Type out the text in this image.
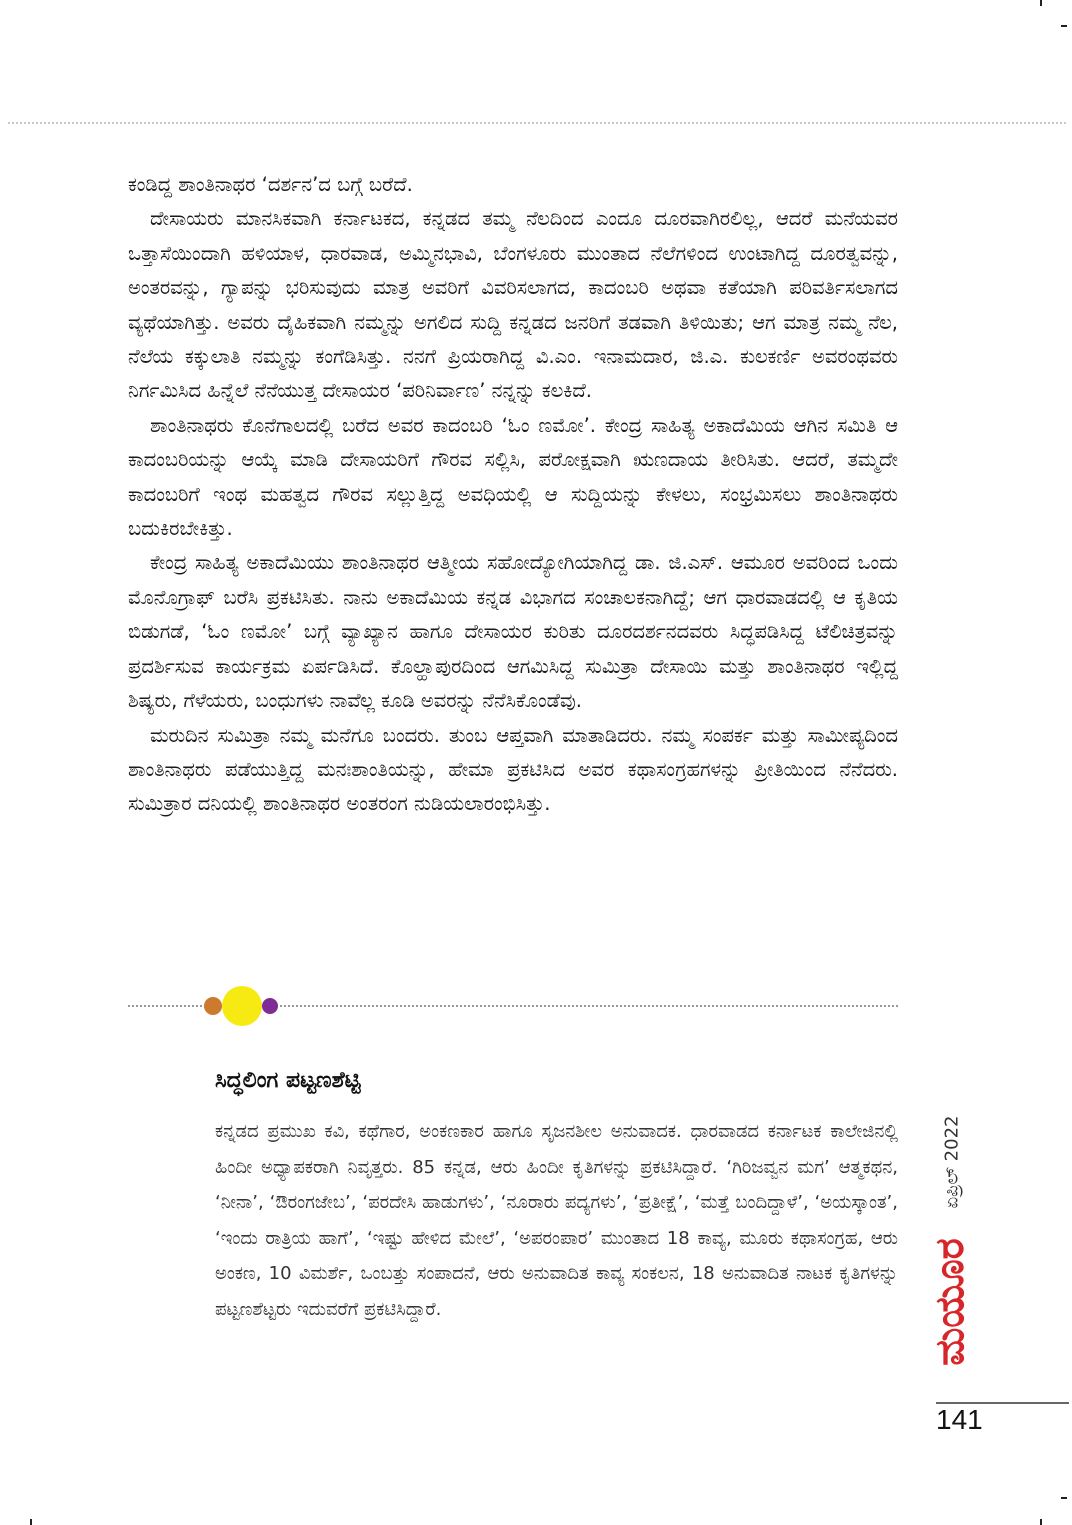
ಕಂಡಿದ್ದ ಶಾಂತಿನಾಥರ ‘ದರ್ಶನ’ದ ಬಗ್ಗೆ ಬರೆದೆ.

ದೇಸಾಯರು ಮಾನಸಿಕವಾಗಿ ಕರ್ನಾಟಕದ, ಕನ್ನಡದ ತಮ್ಮ ನೆಲದಿಂದ ಎಂದೂ ದೂರವಾಗಿರಲಿಲ್ಲ, ಆದರೆ ಮನೆಯವರ ಒತ್ತಾಸೆಯಿಂದಾಗಿ ಹಳಿಯಾಳ, ಧಾರವಾಡ, ಅಮ್ಮಿನಭಾವಿ, ಬೆಂಗಳೂರು ಮುಂತಾದ ನೆಲೆಗಳಿಂದ ಉಂಟಾಗಿದ್ದ ದೂರತ್ವವನ್ನು, ಅಂತರವನ್ನು, ಗ್ಯಾಪನ್ನು ಭರಿಸುವುದು ಮಾತ್ರ ಅವರಿಗೆ ವಿವರಿಸಲಾಗದ, ಕಾದಂಬರಿ ಅಥವಾ ಕತೆಯಾಗಿ ಪರಿವರ್ತಿಸಲಾಗದ ವ್ಯಥೆಯಾಗಿತ್ತು. ಅವರು ದೈಹಿಕವಾಗಿ ನಮ್ಮನ್ನು ಅಗಲಿದ ಸುದ್ದಿ ಕನ್ನಡದ ಜನರಿಗೆ ತಡವಾಗಿ ತಿಳಿಯಿತು; ಆಗ ಮಾತ್ರ ನಮ್ಮ ನೆಲ, ನೆಲೆಯ ಕಕ್ಕುಲಾತಿ ನಮ್ಮನ್ನು ಕಂಗೆಡಿಸಿತ್ತು. ನನಗೆ ಪ್ರಿಯರಾಗಿದ್ದ ವಿ.ಎಂ. ಇನಾಮದಾರ, ಜಿ.ಎ. ಕುಲಕರ್ಣಿ ಅವರಂಥವರು ನಿರ್ಗಮಿಸಿದ ಹಿನ್ನೆಲೆ ನೆನೆಯುತ್ತ ದೇಸಾಯರ ‘ಪರಿನಿರ್ವಾಣ’ ನನ್ನನ್ನು ಕಲಕಿದೆ.

ಶಾಂತಿನಾಥರು ಕೊನೆಗಾಲದಲ್ಲಿ ಬರೆದ ಅವರ ಕಾದಂಬರಿ ‘ಓಂ ಣಮೋ’. ಕೇಂದ್ರ ಸಾಹಿತ್ಯ ಅಕಾದೆಮಿಯ ಆಗಿನ ಸಮಿತಿ ಆ ಕಾದಂಬರಿಯನ್ನು ಆಯ್ಕೆ ಮಾಡಿ ದೇಸಾಯರಿಗೆ ಗೌರವ ಸಲ್ಲಿಸಿ, ಪರೋಕ್ಷವಾಗಿ ಋಣದಾಯ ತೀರಿಸಿತು. ಆದರೆ, ತಮ್ಮದೇ ಕಾದಂಬರಿಗೆ ಇಂಥ ಮಹತ್ವದ ಗೌರವ ಸಲ್ಲುತ್ತಿದ್ದ ಅವಧಿಯಲ್ಲಿ ಆ ಸುದ್ದಿಯನ್ನು ಕೇಳಲು, ಸಂಭ್ರಮಿಸಲು ಶಾಂತಿನಾಥರು ಬದುಕಿರಬೇಕಿತ್ತು.

ಕೇಂದ್ರ ಸಾಹಿತ್ಯ ಅಕಾದೆಮಿಯು ಶಾಂತಿನಾಥರ ಆತ್ಮೀಯ ಸಹೋದ್ಯೋಗಿಯಾಗಿದ್ದ ಡಾ. ಜಿ.ಎಸ್. ಆಮೂರ ಅವರಿಂದ ಒಂದು ಮೊನೊಗ್ರಾಫ್ ಬರೆಸಿ ಪ್ರಕಟಿಸಿತು. ನಾನು ಅಕಾದೆಮಿಯ ಕನ್ನಡ ವಿಭಾಗದ ಸಂಚಾಲಕನಾಗಿದ್ದೆ; ಆಗ ಧಾರವಾಡದಲ್ಲಿ ಆ ಕೃತಿಯ ಬಿಡುಗಡೆ, ‘ಓಂ ಣಮೋ’ ಬಗ್ಗೆ ವ್ಯಾಖ್ಯಾನ ಹಾಗೂ ದೇಸಾಯರ ಕುರಿತು ದೂರದರ್ಶನದವರು ಸಿದ್ಧಪಡಿಸಿದ್ದ ಟೆಲಿಚಿತ್ರವನ್ನು ಪ್ರದರ್ಶಿಸುವ ಕಾರ್ಯಕ್ರಮ ಏರ್ಪಡಿಸಿದೆ. ಕೊಲ್ಹಾಪುರದಿಂದ ಆಗಮಿಸಿದ್ದ ಸುಮಿತ್ರಾ ದೇಸಾಯಿ ಮತ್ತು ಶಾಂತಿನಾಥರ ಇಲ್ಲಿದ್ದ ಶಿಷ್ಯರು, ಗೆಳೆಯರು, ಬಂಧುಗಳು ನಾವೆಲ್ಲ ಕೂಡಿ ಅವರನ್ನು ನೆನೆಸಿಕೊಂಡೆವು.

ಮರುದಿನ ಸುಮಿತ್ರಾ ನಮ್ಮ ಮನೆಗೂ ಬಂದರು. ತುಂಬ ಆಪ್ತವಾಗಿ ಮಾತಾಡಿದರು. ನಮ್ಮ ಸಂಪರ್ಕ ಮತ್ತು ಸಾಮೀಪ್ಯದಿಂದ ಶಾಂತಿನಾಥರು ಪಡೆಯುತ್ತಿದ್ದ ಮನಃಶಾಂತಿಯನ್ನು, ಹೇಮಾ ಪ್ರಕಟಿಸಿದ ಅವರ ಕಥಾಸಂಗ್ರಹಗಳನ್ನು ಪ್ರೀತಿಯಿಂದ ನೆನೆದರು. ಸುಮಿತ್ರಾರ ದನಿಯಲ್ಲಿ ಶಾಂತಿನಾಥರ ಅಂತರಂಗ ನುಡಿಯಲಾರಂಭಿಸಿತ್ತು.

ಸಿದ್ಧಲಿಂಗ ಪಟ್ಟಣಶೆಟ್ಟಿ

ಕನ್ನಡದ ಪ್ರಮುಖ ಕವಿ, ಕಥೆಗಾರ, ಅಂಕಣಕಾರ ಹಾಗೂ ಸೃಜನಶೀಲ ಅನುವಾದಕ. ಧಾರವಾಡದ ಕರ್ನಾಟಕ ಕಾಲೇಜಿನಲ್ಲಿ ಹಿಂದೀ ಅಧ್ಯಾಪಕರಾಗಿ ನಿವೃತ್ತರು. 85 ಕನ್ನಡ, ಆರು ಹಿಂದೀ ಕೃತಿಗಳನ್ನು ಪ್ರಕಟಿಸಿದ್ದಾರೆ. ‘ಗಿರಿಜವ್ವನ ಮಗ’ ಆತ್ಮಕಥನ, ‘ನೀನಾ’, ‘ಔರಂಗಜೇಬ’, ‘ಪರದೇಸಿ ಹಾಡುಗಳು’, ‘ನೂರಾರು ಪದ್ಯಗಳು’, ‘ಪ್ರತೀಕ್ಷೆ’, ‘ಮತ್ತೆ ಬಂದಿದ್ದಾಳೆ’, ‘ಅಯಸ್ಕಾಂತ’, ‘ಇಂದು ರಾತ್ರಿಯ ಹಾಗೆ’, ‘ಇಷ್ಟು ಹೇಳಿದ ಮೇಲೆ’, ‘ಅಪರಂಪಾರ’ ಮುಂತಾದ 18 ಕಾವ್ಯ, ಮೂರು ಕಥಾಸಂಗ್ರಹ, ಆರು ಅಂಕಣ, 10 ವಿಮರ್ಶೆ, ಒಂಬತ್ತು ಸಂಪಾದನೆ, ಆರು ಅನುವಾದಿತ ಕಾವ್ಯ ಸಂಕಲನ, 18 ಅನುವಾದಿತ ನಾಟಕ ಕೃತಿಗಳನ್ನು ಪಟ್ಟಣಶೆಟ್ಟರು ಇದುವರೆಗೆ ಪ್ರಕಟಿಸಿದ್ದಾರೆ.

ಏಪ್ರಿಲ್ 2022
ಮಯೂರ
141
